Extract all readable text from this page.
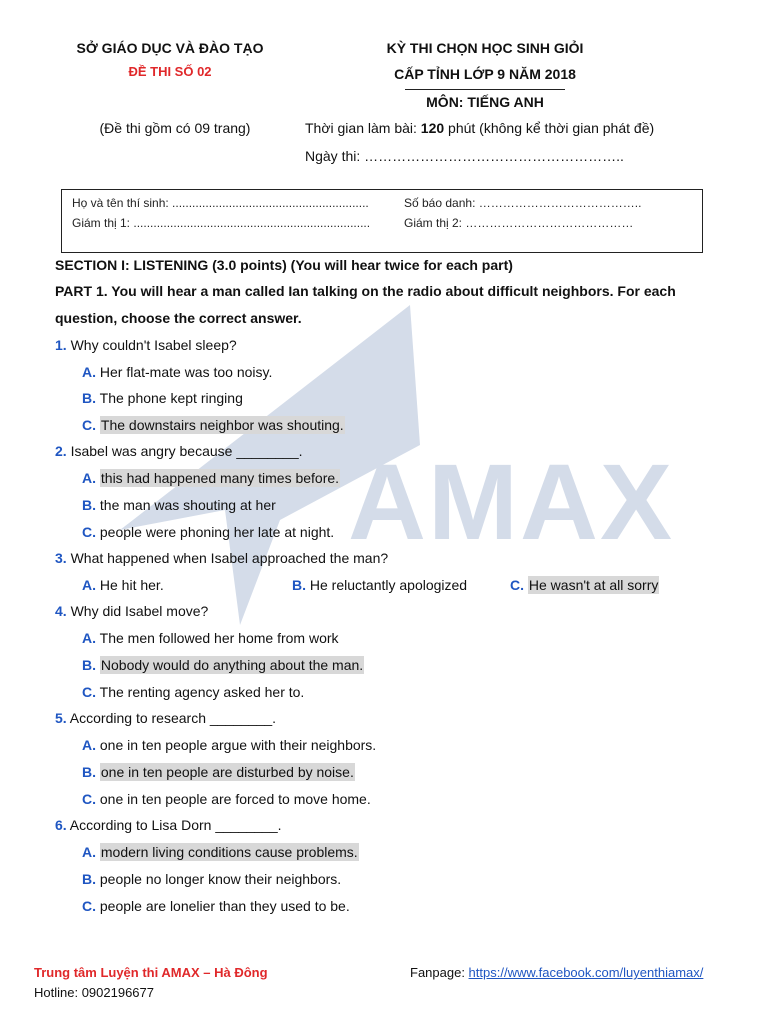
AMAX
SỞ GIÁO DỤC VÀ ĐÀO TẠO
ĐỀ THI SỐ 02
(Đề thi gồm có 09 trang)
KỲ THI CHỌN HỌC SINH GIỎI
CẤP TỈNH LỚP 9 NĂM 2018
MÔN: TIẾNG ANH
Thời gian làm bài: 120 phút (không kể thời gian phát đề)
Ngày thi: ………………………………………………..
Họ và tên thí sinh: ...........................................................	Số báo danh: …………………………………..
Giám thị 1: .......................................................................	Giám thị 2: ……………………………………
SECTION I: LISTENING (3.0 points) (You will hear twice for each part)
PART 1. You will hear a man called Ian talking on the radio about difficult neighbors. For each
question, choose the correct answer.
1. Why couldn't Isabel sleep?
A. Her flat-mate was too noisy.
B. The phone kept ringing
C. The downstairs neighbor was shouting.
2. Isabel was angry because ________.
A. this had happened many times before.
B. the man was shouting at her
C. people were phoning her late at night.
3. What happened when Isabel approached the man?
A. He hit her.	B. He reluctantly apologized	C. He wasn't at all sorry
4. Why did Isabel move?
A. The men followed her home from work
B. Nobody would do anything about the man.
C. The renting agency asked her to.
5. According to research ________.
A. one in ten people argue with their neighbors.
B. one in ten people are disturbed by noise.
C. one in ten people are forced to move home.
6. According to Lisa Dorn ________.
A. modern living conditions cause problems.
B. people no longer know their neighbors.
C. people are lonelier than they used to be.
Trung tâm Luyện thi AMAX – Hà Đông
Hotline: 0902196677
Fanpage: https://www.facebook.com/luyenthiamax/
